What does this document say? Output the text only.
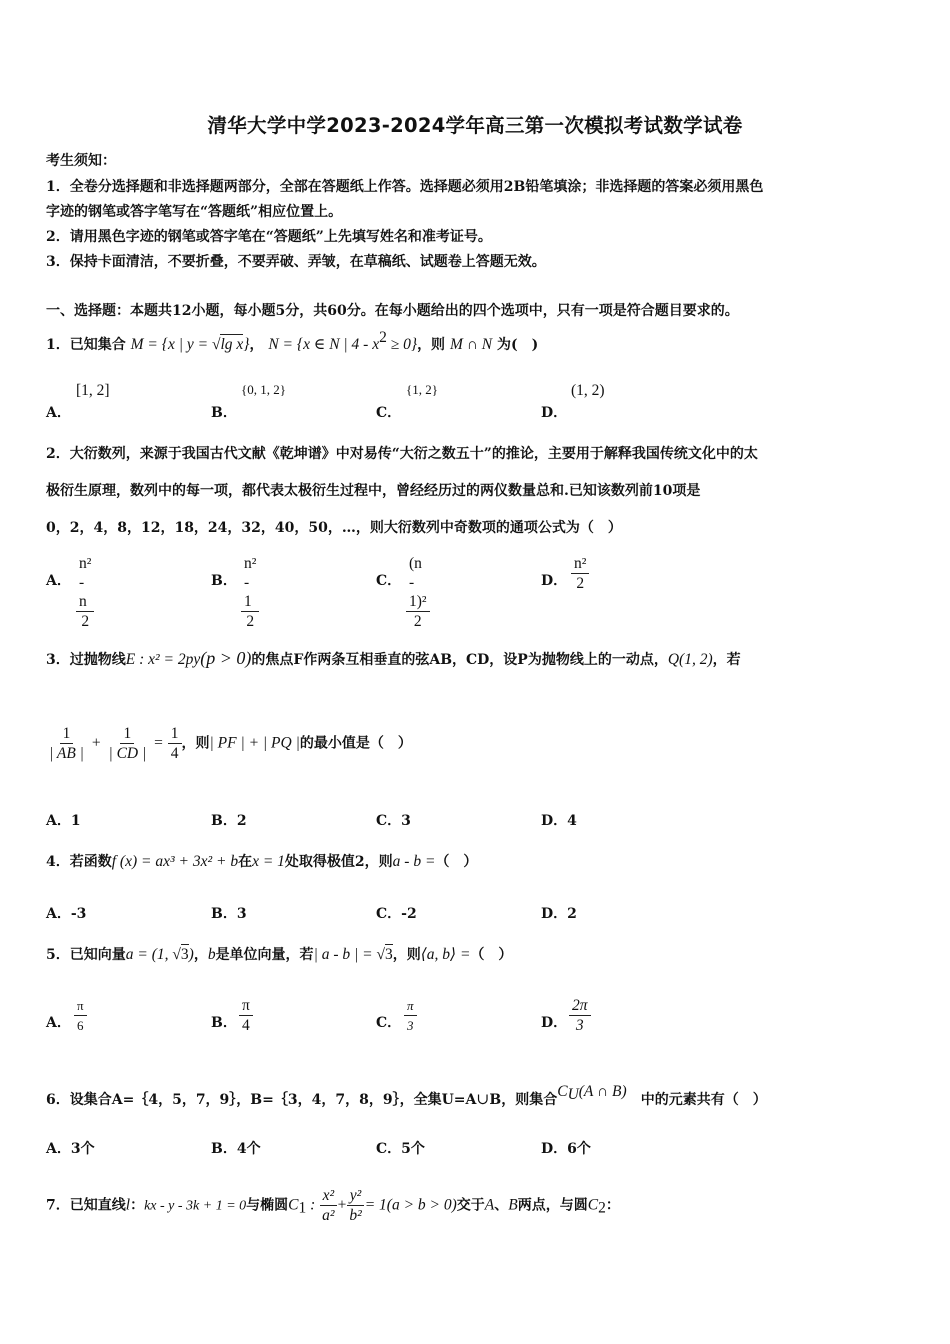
清华大学中学2023-2024学年高三第一次模拟考试数学试卷
考生须知：
1．全卷分选择题和非选择题两部分，全部在答题纸上作答。选择题必须用2B铅笔填涂；非选择题的答案必须用黑色
字迹的钢笔或答字笔写在“答题纸”相应位置上。
2．请用黑色字迹的钢笔或答字笔在“答题纸”上先填写姓名和准考证号。
3．保持卡面清洁，不要折叠，不要弄破、弄皱，在草稿纸、试题卷上答题无效。
一、选择题：本题共12小题，每小题5分，共60分。在每小题给出的四个选项中，只有一项是符合题目要求的。
1．已知集合 M = {x | y = √lg x}， N = {x ∈ N | $4 - x^2 \ge 0$}，则 M ∩ N 为(　)
A．
[1, 2]
B．
{0, 1, 2}
C．
{1, 2}
D．
(1, 2)
2．大衍数列，来源于我国古代文献《乾坤谱》中对易传“大衍之数五十”的推论，主要用于解释我国传统文化中的太
极衍生原理，数列中的每一项，都代表太极衍生过程中，曾经经历过的两仪数量总和.已知该数列前10项是
0，2，4，8，12，18，24，32，40，50，…，则大衍数列中奇数项的通项公式为（　）
A． $\frac{\text{n² - n}}{2}$	B． $\frac{\text{n² - 1}}{2}$	C． $\frac{\text{(n - 1)²}}{2}$	D． $\frac{\text{n²}}{2}$
3．过抛物线E : x² = 2py(p > 0)的焦点F作两条互相垂直的弦AB，CD，设P为抛物线上的一动点，Q(1, 2)，若
$\frac{1}{| AB |} + \frac{1}{| CD |} = \frac{1}{4}$ ，则| PF | + | PQ |的最小值是（　）
A．1	B．2	C．3	D．4
4．若函数f (x) = ax³ + 3x² + b在x = 1处取得极值2，则a - b =（　）
A．-3	B．3	C．-2	D．2
5．已知向量a = (1, √3)，b是单位向量，若| a - b | = √3，则⟨a, b⟩ =（　）
A． $\frac{\pi}{6}$	B． $\frac{\pi}{4}$	C． $\frac{\pi}{3}$	D． $\frac{2\pi}{3}$
6．设集合A=｛4，5，7，9｝，B=｛3，4，7，8，9｝，全集U=A∪B，则集合$C_U(A$ ∩ B)　 中的元素共有（　）
A．3个	B．4个	C．5个	D．6个
7．已知直线l：kx - y - 3k + 1 = 0与椭圆$C_1$ : $\frac{\text{x²}}{\text{a²}} + \frac{\text{y²}}{\text{b²}} = 1(a > b > 0)$交于A、B两点，与圆$C_2$：
